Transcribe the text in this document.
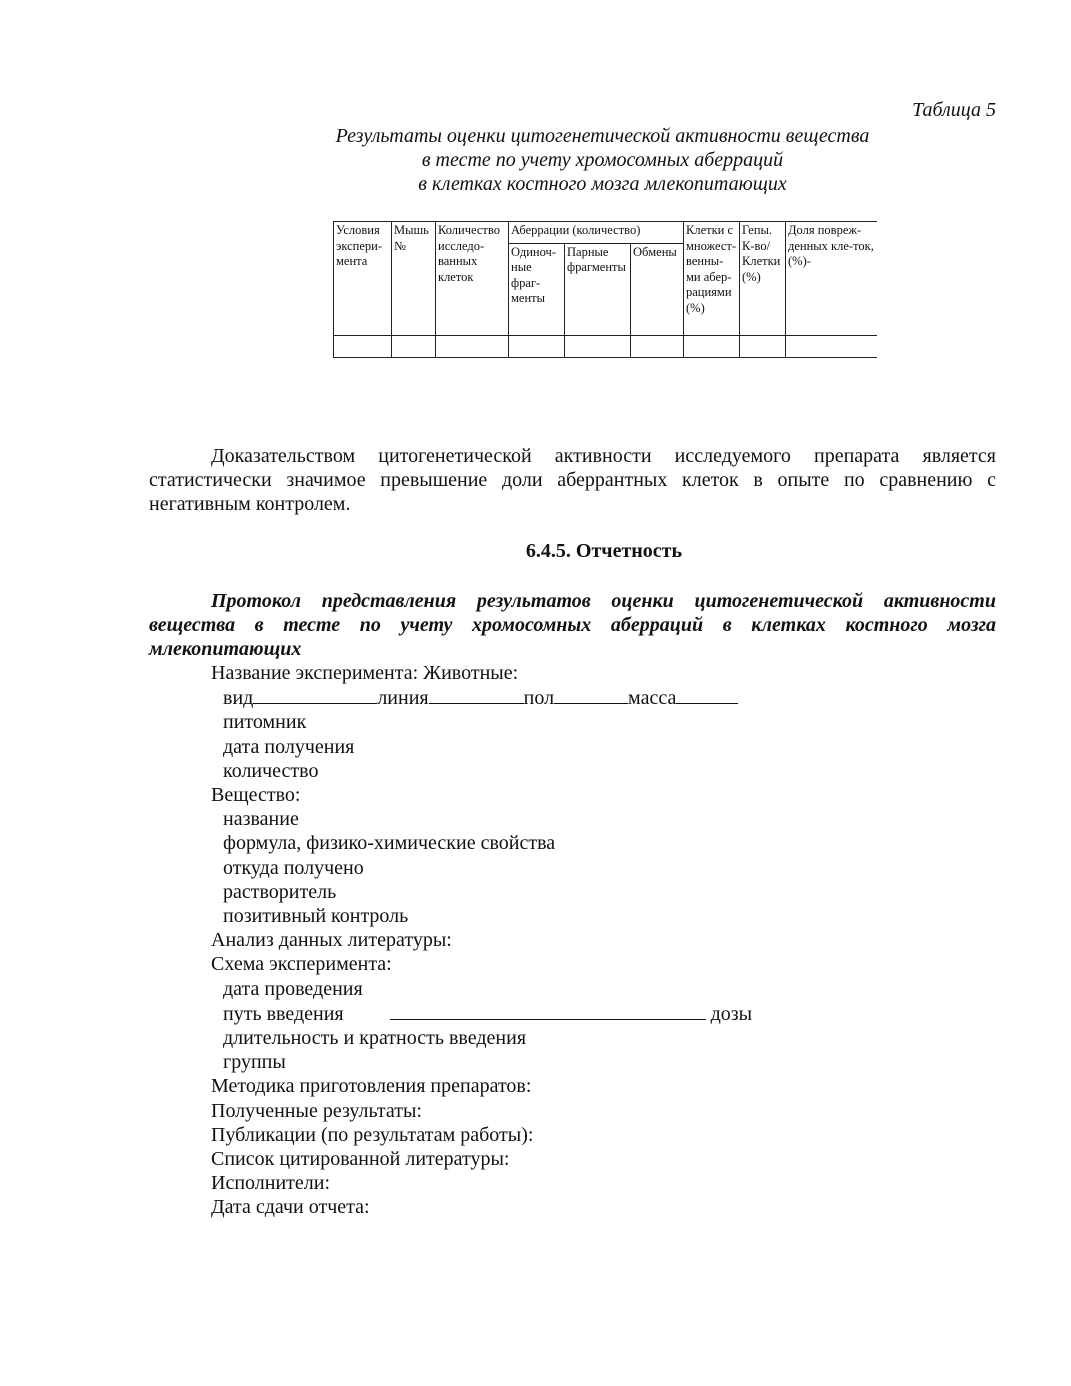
Таблица 5
Результаты оценки цитогенетической активности вещества
в тесте по учету хромосомных аберраций
в клетках костного мозга млекопитающих
Условия экспери-мента	Мышь №	Количество исследо-ванных клеток	Аберрации (количество)			Клетки с множест-венны-ми абер-рациями (%)	Гепы. К-во/ Клетки (%)	Доля повреж-денных кле-ток, (%)-
			Одиноч-ные фраг-менты	Парные фрагменты	Обмены			

Доказательством цитогенетической активности исследуемого препарата является статистически значимое превышение доли аберрантных клеток в опыте по сравнению с негативным контролем.
6.4.5. Отчетность
Протокол представления результатов оценки цитогенетической активности вещества в тесте по учету хромосомных аберраций в клетках костного мозга млекопитающих
Название эксперимента: Животные:
вид	линия	пол	масса
питомник
дата получения
количество
Вещество:
название
формула, физико-химические свойства
откуда получено
растворитель
позитивный контроль
Анализ данных литературы:
Схема эксперимента:
дата проведения
путь введения	дозы
длительность и кратность введения
группы
Методика приготовления препаратов:
Полученные результаты:
Публикации (по результатам работы):
Список цитированной литературы:
Исполнители:
Дата сдачи отчета:
